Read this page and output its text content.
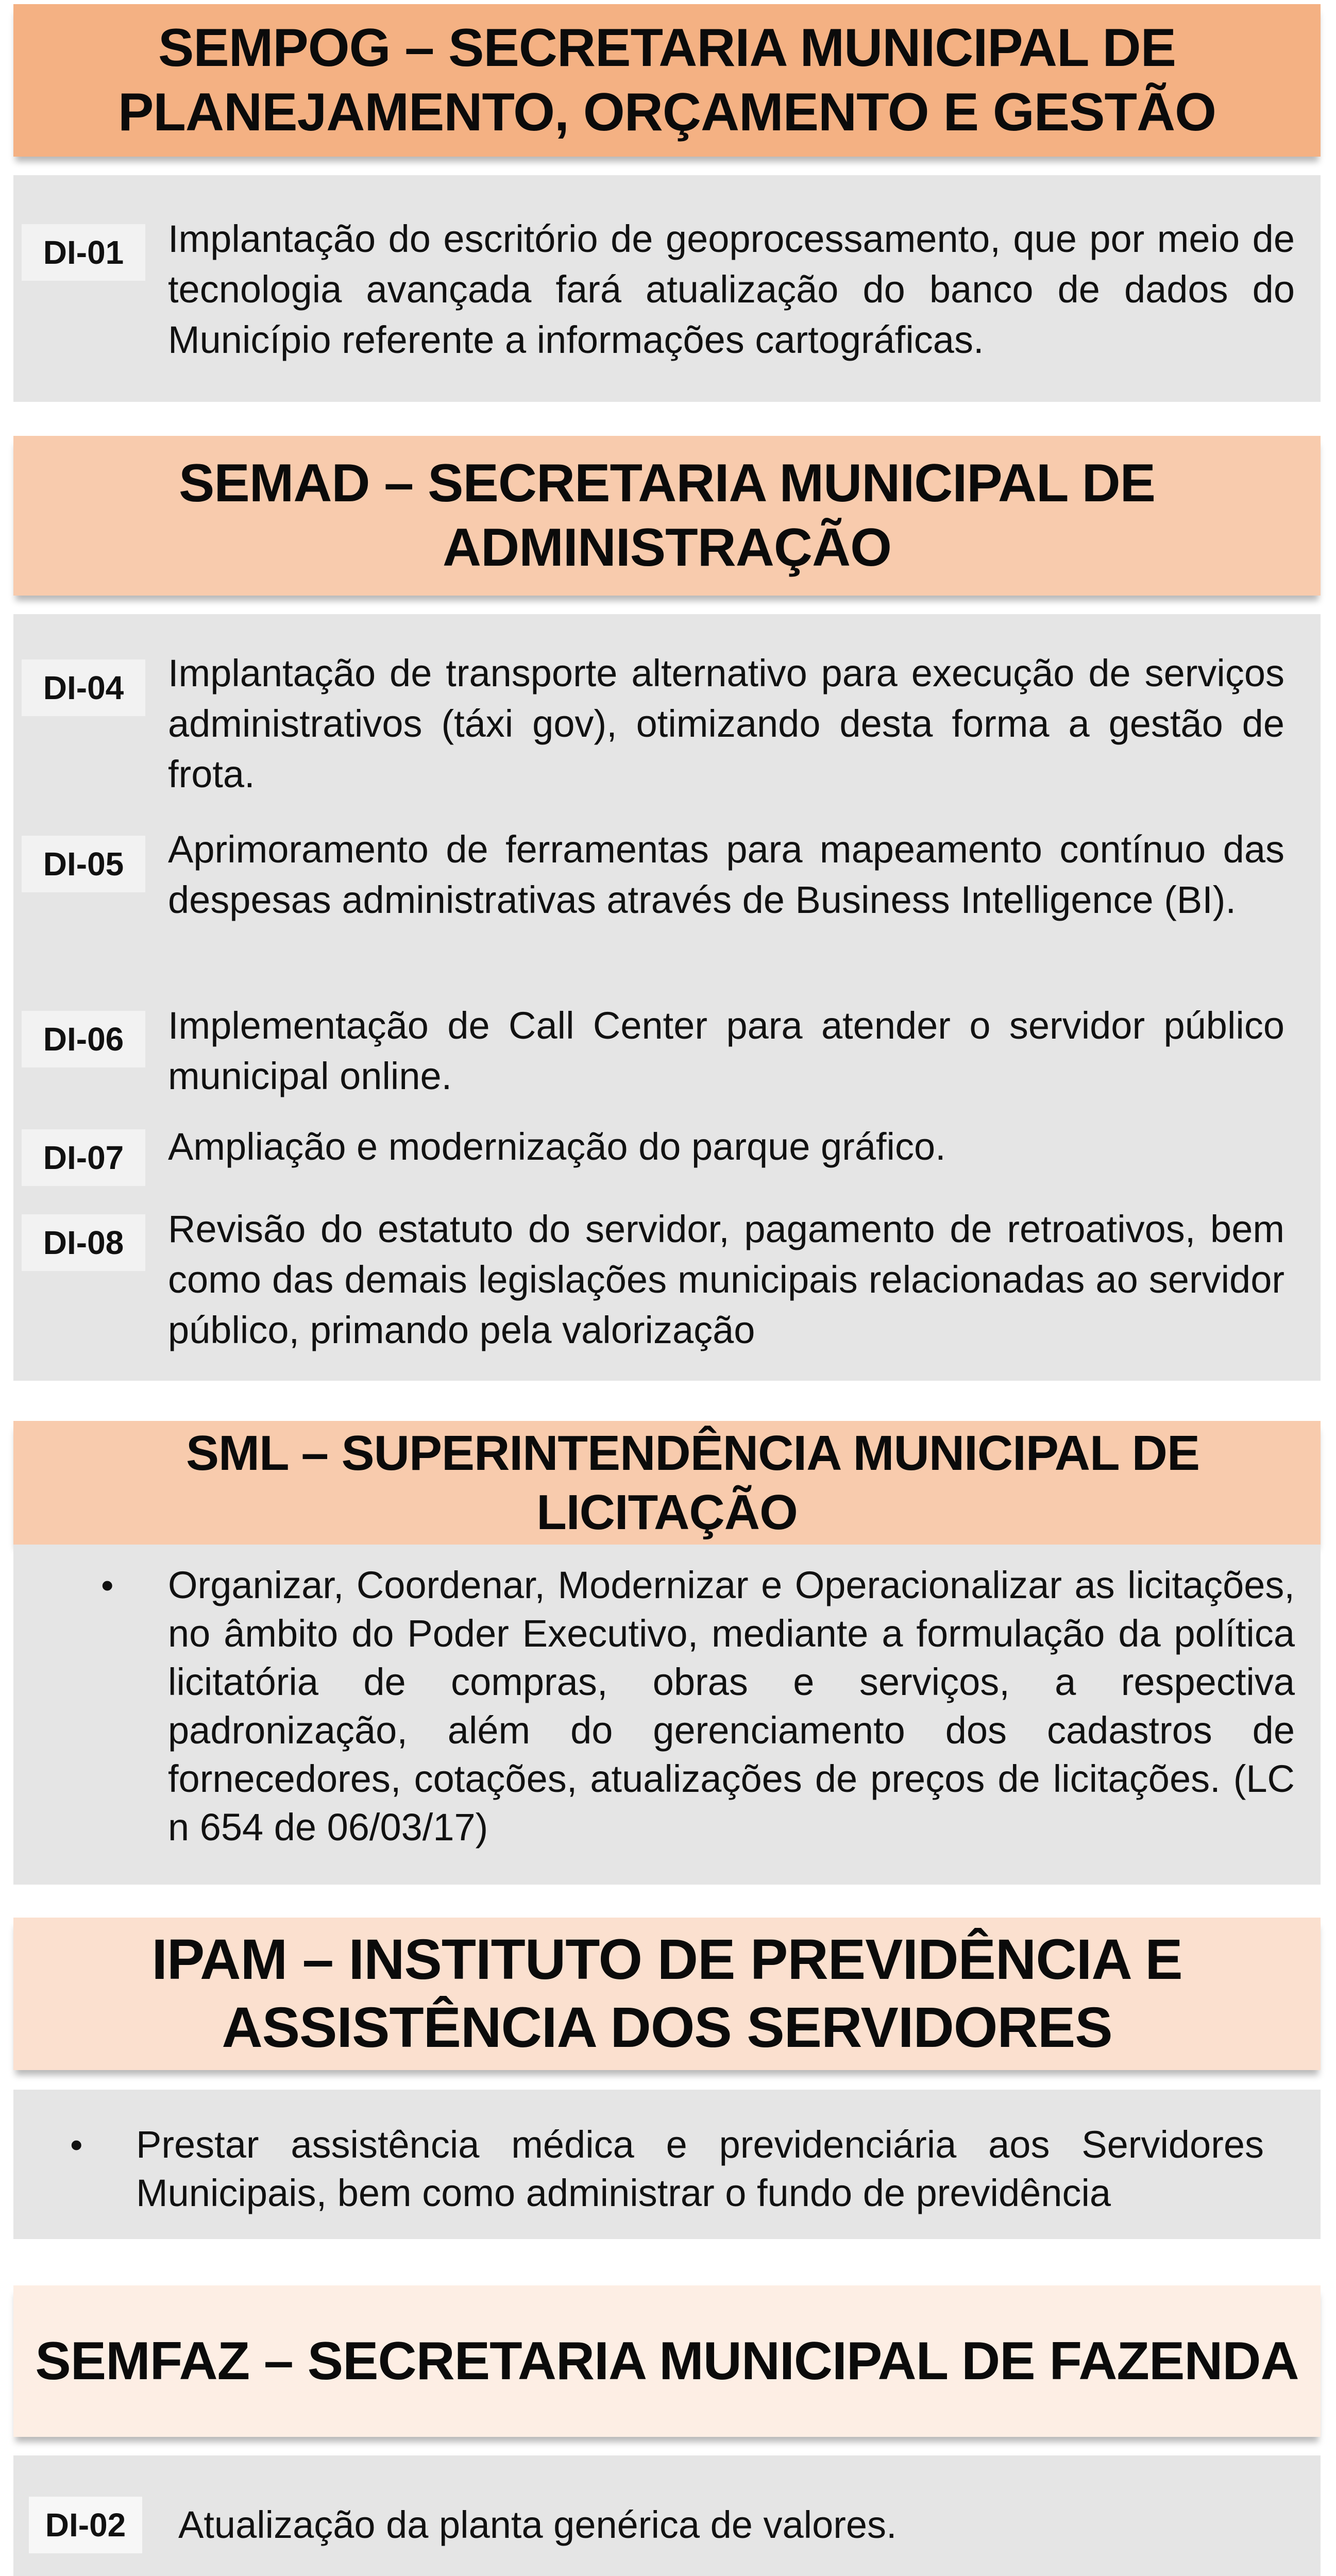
SEMPOG – SECRETARIA MUNICIPAL DE
PLANEJAMENTO, ORÇAMENTO E GESTÃO
DI-01	Implantação do escritório de geoprocessamento, que por meio de tecnologia avançada fará atualização do banco de dados do Município referente a informações cartográficas.
SEMAD – SECRETARIA MUNICIPAL DE
ADMINISTRAÇÃO
DI-04	Implantação de transporte alternativo para execução de serviços administrativos (táxi gov), otimizando desta forma a gestão de frota.
DI-05	Aprimoramento de ferramentas para mapeamento contínuo das despesas administrativas através de Business Intelligence (BI).
DI-06	Implementação de Call Center para atender o servidor público municipal online.
DI-07	Ampliação e modernização do parque gráfico.
DI-08	Revisão do estatuto do servidor, pagamento de retroativos, bem como das demais legislações municipais relacionadas ao servidor público, primando pela valorização
SML – SUPERINTENDÊNCIA MUNICIPAL DE
LICITAÇÃO
• Organizar, Coordenar, Modernizar e Operacionalizar as licitações, no âmbito do Poder Executivo, mediante a formulação da política licitatória de compras, obras e serviços, a respectiva padronização, além do gerenciamento dos cadastros de fornecedores, cotações, atualizações de preços de licitações. (LC n 654 de 06/03/17)
IPAM – INSTITUTO DE PREVIDÊNCIA E
ASSISTÊNCIA DOS SERVIDORES
• Prestar assistência médica e previdenciária aos Servidores Municipais, bem como administrar o fundo de previdência
SEMFAZ – SECRETARIA MUNICIPAL DE FAZENDA
DI-02	Atualização da planta genérica de valores.
